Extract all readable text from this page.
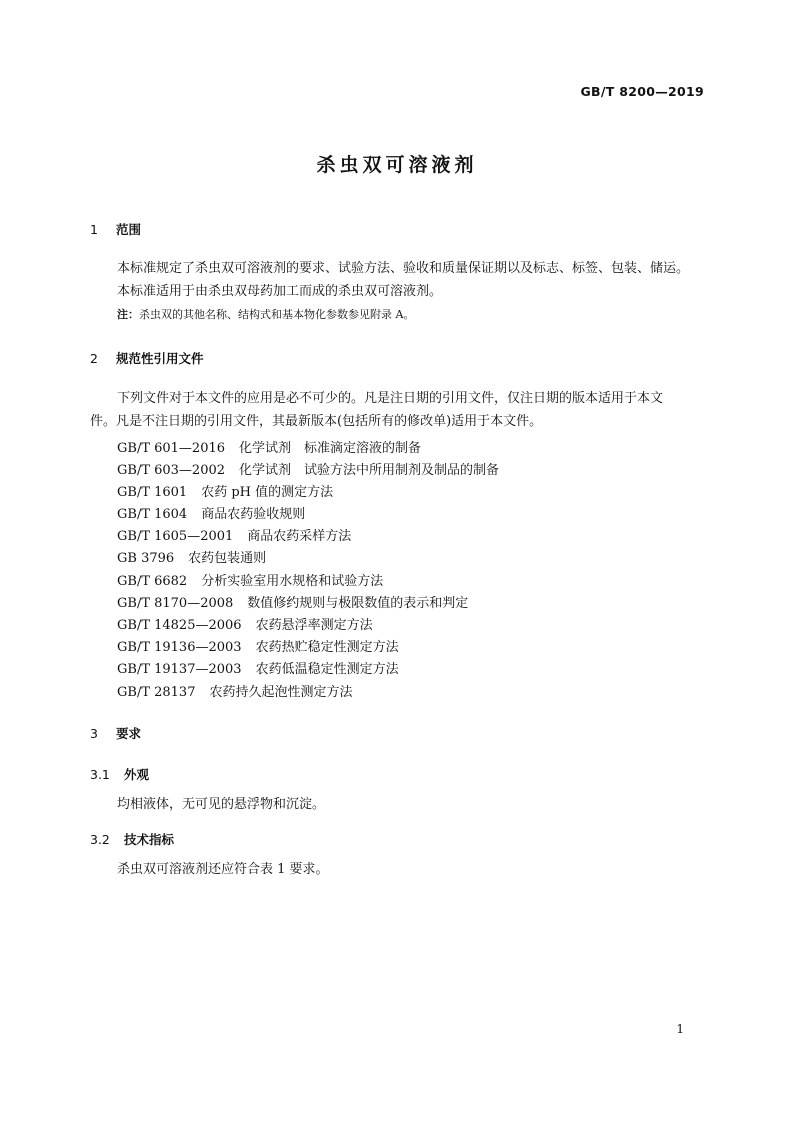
GB/T 8200—2019
杀虫双可溶液剂
1 范围
本标准规定了杀虫双可溶液剂的要求、试验方法、验收和质量保证期以及标志、标签、包装、储运。
本标准适用于由杀虫双母药加工而成的杀虫双可溶液剂。
注：杀虫双的其他名称、结构式和基本物化参数参见附录 A。
2 规范性引用文件
下列文件对于本文件的应用是必不可少的。凡是注日期的引用文件，仅注日期的版本适用于本文
件。凡是不注日期的引用文件，其最新版本(包括所有的修改单)适用于本文件。
GB/T 601—2016 化学试剂　标准滴定溶液的制备
GB/T 603—2002 化学试剂　试验方法中所用制剂及制品的制备
GB/T 1601 农药 pH 值的测定方法
GB/T 1604 商品农药验收规则
GB/T 1605—2001 商品农药采样方法
GB 3796 农药包装通则
GB/T 6682 分析实验室用水规格和试验方法
GB/T 8170—2008 数值修约规则与极限数值的表示和判定
GB/T 14825—2006 农药悬浮率测定方法
GB/T 19136—2003 农药热贮稳定性测定方法
GB/T 19137—2003 农药低温稳定性测定方法
GB/T 28137 农药持久起泡性测定方法
3 要求
3.1 外观
均相液体，无可见的悬浮物和沉淀。
3.2 技术指标
杀虫双可溶液剂还应符合表 1 要求。
1
